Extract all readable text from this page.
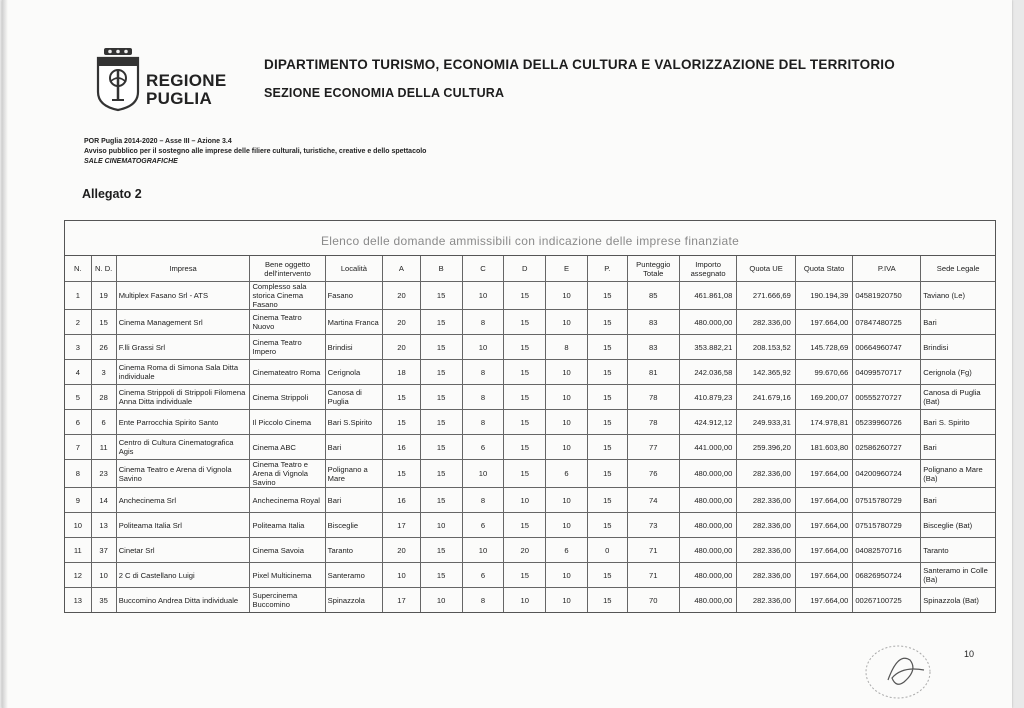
REGIONE
PUGLIA
DIPARTIMENTO TURISMO, ECONOMIA DELLA CULTURA E VALORIZZAZIONE DEL TERRITORIO
SEZIONE ECONOMIA DELLA CULTURA
POR Puglia 2014-2020 – Asse III – Azione 3.4
Avviso pubblico per il sostegno alle imprese delle filiere culturali, turistiche, creative e dello spettacolo
SALE CINEMATOGRAFICHE
Allegato 2
Elenco delle domande ammissibili con indicazione delle imprese finanziate
N.	N. D.	Impresa	Bene oggetto dell'intervento	Località	A	B	C	D	E	P.	Punteggio Totale	Importo assegnato	Quota UE	Quota Stato	P.IVA	Sede Legale
1	19	Multiplex Fasano Srl - ATS	Complesso sala storica Cinema Fasano	Fasano	20	15	10	15	10	15	85	461.861,08	271.666,69	190.194,39	04581920750	Taviano (Le)
2	15	Cinema Management Srl	Cinema Teatro Nuovo	Martina Franca	20	15	8	15	10	15	83	480.000,00	282.336,00	197.664,00	07847480725	Bari
3	26	F.lli Grassi Srl	Cinema Teatro Impero	Brindisi	20	15	10	15	8	15	83	353.882,21	208.153,52	145.728,69	00664960747	Brindisi
4	3	Cinema Roma di Simona Sala Ditta individuale	Cinemateatro Roma	Cerignola	18	15	8	15	10	15	81	242.036,58	142.365,92	99.670,66	04099570717	Cerignola (Fg)
5	28	Cinema Strippoli di Strippoli Filomena Anna Ditta individuale	Cinema Strippoli	Canosa di Puglia	15	15	8	15	10	15	78	410.879,23	241.679,16	169.200,07	00555270727	Canosa di Puglia (Bat)
6	6	Ente Parrocchia Spirito Santo	Il Piccolo Cinema	Bari S.Spirito	15	15	8	15	10	15	78	424.912,12	249.933,31	174.978,81	05239960726	Bari S. Spirito
7	11	Centro di Cultura Cinematografica Agis	Cinema ABC	Bari	16	15	6	15	10	15	77	441.000,00	259.396,20	181.603,80	02586260727	Bari
8	23	Cinema Teatro e Arena di Vignola Savino	Cinema Teatro e Arena di Vignola Savino	Polignano a Mare	15	15	10	15	6	15	76	480.000,00	282.336,00	197.664,00	04200960724	Polignano a Mare (Ba)
9	14	Anchecinema Srl	Anchecinema Royal	Bari	16	15	8	10	10	15	74	480.000,00	282.336,00	197.664,00	07515780729	Bari
10	13	Politeama Italia Srl	Politeama Italia	Bisceglie	17	10	6	15	10	15	73	480.000,00	282.336,00	197.664,00	07515780729	Bisceglie (Bat)
11	37	Cinetar Srl	Cinema Savoia	Taranto	20	15	10	20	6	0	71	480.000,00	282.336,00	197.664,00	04082570716	Taranto
12	10	2 C di Castellano Luigi	Pixel Multicinema	Santeramo	10	15	6	15	10	15	71	480.000,00	282.336,00	197.664,00	06826950724	Santeramo in Colle (Ba)
13	35	Buccomino Andrea Ditta individuale	Supercinema Buccomino	Spinazzola	17	10	8	10	10	15	70	480.000,00	282.336,00	197.664,00	00267100725	Spinazzola (Bat)
10
